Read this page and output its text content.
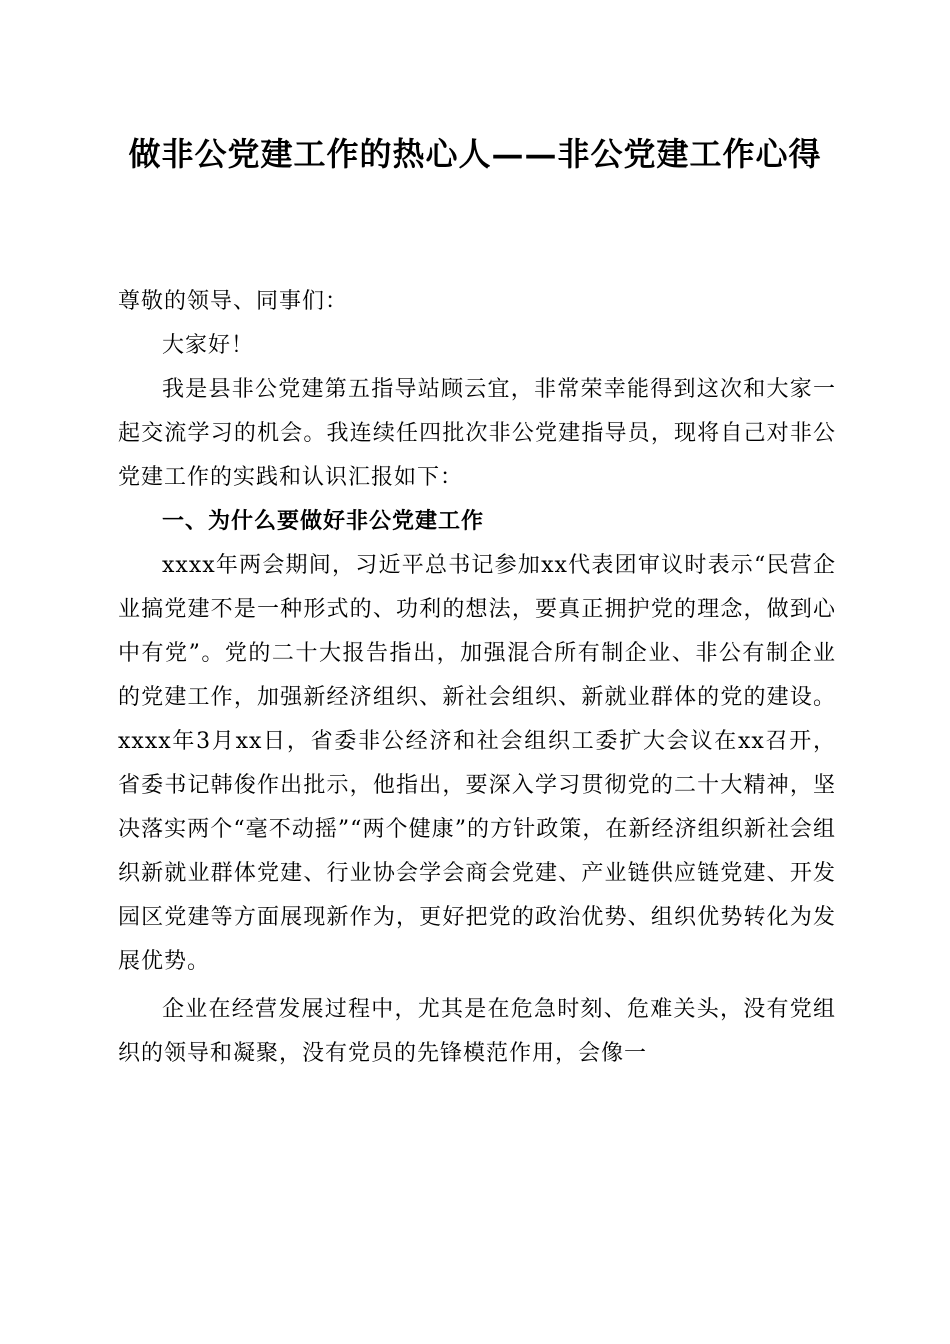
做非公党建工作的热心人——非公党建工作心得

尊敬的领导、同事们：

大家好！

我是县非公党建第五指导站顾云宜，非常荣幸能得到这次和大家一起交流学习的机会。我连续任四批次非公党建指导员，现将自己对非公党建工作的实践和认识汇报如下：

一、为什么要做好非公党建工作

xxxx年两会期间，习近平总书记参加xx代表团审议时表示“民营企业搞党建不是一种形式的、功利的想法，要真正拥护党的理念，做到心中有党”。党的二十大报告指出，加强混合所有制企业、非公有制企业的党建工作，加强新经济组织、新社会组织、新就业群体的党的建设。xxxx年3月xx日，省委非公经济和社会组织工委扩大会议在xx召开，省委书记韩俊作出批示，他指出，要深入学习贯彻党的二十大精神，坚决落实两个“毫不动摇”“两个健康”的方针政策，在新经济组织新社会组织新就业群体党建、行业协会学会商会党建、产业链供应链党建、开发园区党建等方面展现新作为，更好把党的政治优势、组织优势转化为发展优势。

企业在经营发展过程中，尤其是在危急时刻、危难关头，没有党组织的领导和凝聚，没有党员的先锋模范作用，会像一
